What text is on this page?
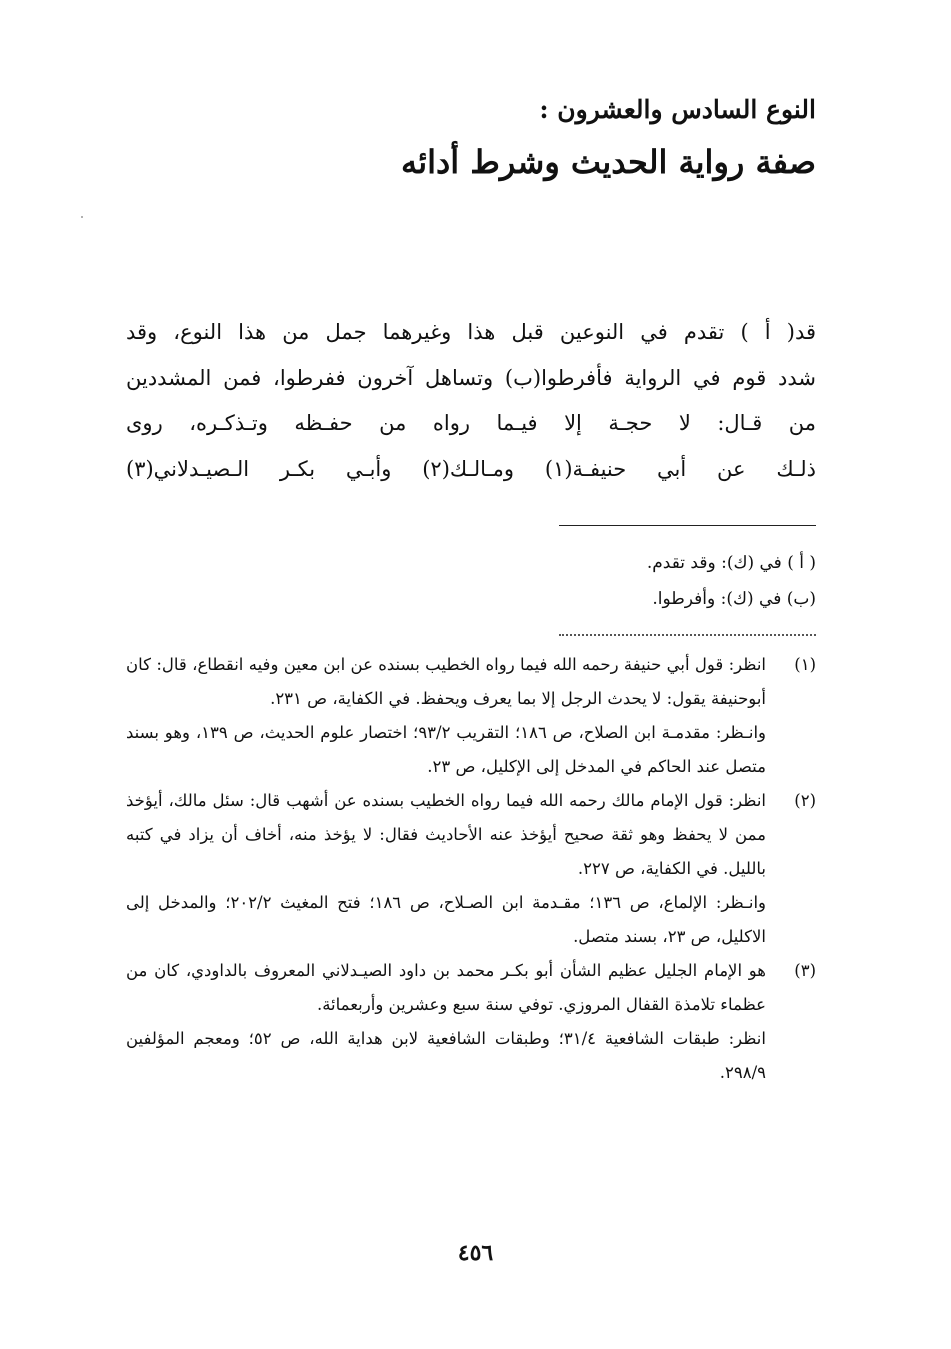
النوع السادس والعشرون :
صفة رواية الحديث وشرط أدائه
قد( أ ) تقدم في النوعين قبل هذا وغيرهما جمل من هذا النوع، وقد
شدد قوم في الرواية فأفرطوا(ب) وتساهل آخرون ففرطوا، فمن المشددين
من قـال: لا حجـة إلا فيـما رواه من حفـظه وتـذكـره، روى
ذلـك عن أبي حنيفـة(١) ومـالـك(٢) وأبـي بكـر الـصيـدلاني(٣)
( أ ) في (ك): وقد تقدم.
(ب) في (ك): وأفرطوا.
(١)

انظر: قول أبي حنيفة رحمه الله فيما رواه الخطيب بسنده عن ابن معين وفيه انقطاع، قال: كان أبوحنيفة يقول: لا يحدث الرجل إلا بما يعرف ويحفظ. في الكفاية، ص ٢٣١.

وانـظر: مقدمـة ابن الصلاح، ص ١٨٦؛ التقريب ٩٣/٢؛ اختصار علوم الحديث، ص ١٣٩، وهو بسند متصل عند الحاكم في المدخل إلى الإكليل، ص ٢٣.

(٢)

انظر: قول الإمام مالك رحمه الله فيما رواه الخطيب بسنده عن أشهب قال: سئل مالك، أيؤخذ ممن لا يحفظ وهو ثقة صحيح أيؤخذ عنه الأحاديث فقال: لا يؤخذ منه، أخاف أن يزاد في كتبه بالليل. في الكفاية، ص ٢٢٧.

وانـظر: الإلماع، ص ١٣٦؛ مقـدمة ابن الصـلاح، ص ١٨٦؛ فتح المغيث ٢٠٢/٢؛ والمدخل إلى الاكليل، ص ٢٣، بسند متصل.

(٣)

هو الإمام الجليل عظيم الشأن أبو بكـر محمد بن داود الصيـدلاني المعروف بالداودي، كان من عظماء تلامذة القفال المروزي. توفي سنة سبع وعشرين وأربعمائة.

انظر: طبقات الشافعية ٣١/٤؛ وطبقات الشافعية لابن هداية الله، ص ٥٢؛ ومعجم المؤلفين ٢٩٨/٩.

٤٥٦
